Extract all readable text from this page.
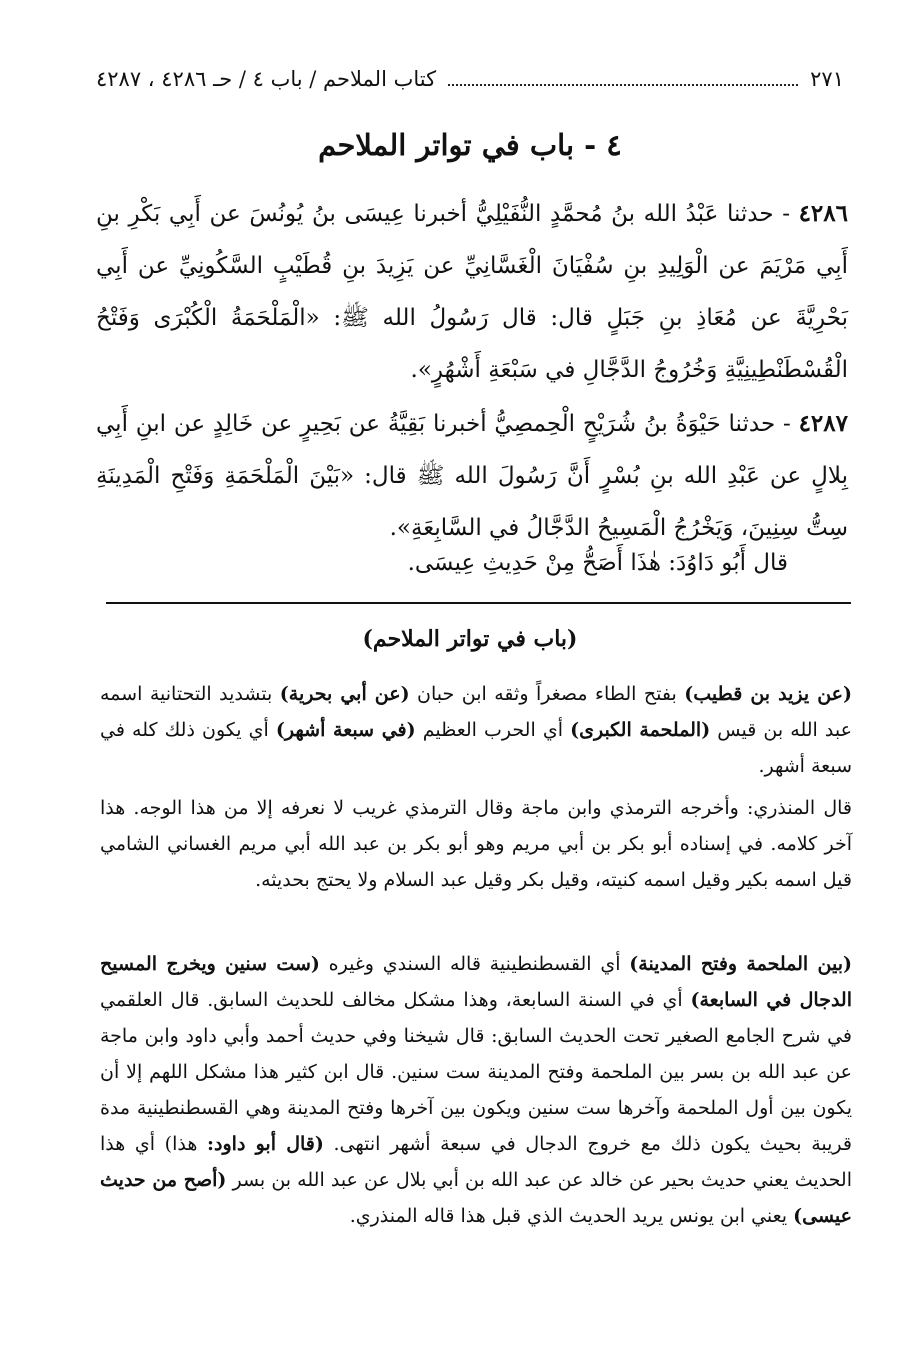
كتاب الملاحم / باب ٤ / حـ ٤٢٨٦ ، ٤٢٨٧	٢٧١
٤ - باب في تواتر الملاحم
٤٢٨٦ - حدثنا عَبْدُ الله بنُ مُحمَّدٍ النُّفَيْلِيُّ أخبرنا عِيسَى بنُ يُونُسَ عن أَبِي بَكْرِ بنِ أَبِي مَرْيَمَ عن الْوَلِيدِ بنِ سُفْيَانَ الْغَسَّانِيِّ عن يَزِيدَ بنِ قُطَيْبٍ السَّكُونِيِّ عن أَبِي بَحْرِيَّةَ عن مُعَاذِ بنِ جَبَلٍ قال: قال رَسُولُ الله ﷺ: «الْمَلْحَمَةُ الْكُبْرَى وَفَتْحُ الْقُسْطَنْطِينِيَّةِ وَخُرُوجُ الدَّجَّالِ في سَبْعَةِ أَشْهُرٍ».
٤٢٨٧ - حدثنا حَيْوَةُ بنُ شُرَيْحٍ الْحِمصِيُّ أخبرنا بَقِيَّةُ عن بَحِيرٍ عن خَالِدٍ عن ابنِ أَبِي بِلالٍ عن عَبْدِ الله بنِ بُسْرٍ أَنَّ رَسُولَ الله ﷺ قال: «بَيْنَ الْمَلْحَمَةِ وَفَتْحِ الْمَدِينَةِ سِتُّ سِنِينَ، وَيَخْرُجُ الْمَسِيحُ الدَّجَّالُ في السَّابِعَةِ».
قال أَبُو دَاوُدَ: هٰذَا أَصَحُّ مِنْ حَدِيثِ عِيسَى.
(باب في تواتر الملاحم)
(عن يزيد بن قطيب) بفتح الطاء مصغراً وثقه ابن حبان (عن أبي بحرية) بتشديد التحتانية اسمه عبد الله بن قيس (الملحمة الكبرى) أي الحرب العظيم (في سبعة أشهر) أي يكون ذلك كله في سبعة أشهر.
قال المنذري: وأخرجه الترمذي وابن ماجة وقال الترمذي غريب لا نعرفه إلا من هذا الوجه. هذا آخر كلامه. في إسناده أبو بكر بن أبي مريم وهو أبو بكر بن عبد الله أبي مريم الغساني الشامي قيل اسمه بكير وقيل اسمه كنيته، وقيل بكر وقيل عبد السلام ولا يحتج بحديثه.
(بين الملحمة وفتح المدينة) أي القسطنطينية قاله السندي وغيره (ست سنين ويخرج المسيح الدجال في السابعة) أي في السنة السابعة، وهذا مشكل مخالف للحديث السابق. قال العلقمي في شرح الجامع الصغير تحت الحديث السابق: قال شيخنا وفي حديث أحمد وأبي داود وابن ماجة عن عبد الله بن بسر بين الملحمة وفتح المدينة ست سنين. قال ابن كثير هذا مشكل اللهم إلا أن يكون بين أول الملحمة وآخرها ست سنين ويكون بين آخرها وفتح المدينة وهي القسطنطينية مدة قريبة بحيث يكون ذلك مع خروج الدجال في سبعة أشهر انتهى. (قال أبو داود: هذا) أي هذا الحديث يعني حديث بحير عن خالد عن عبد الله بن أبي بلال عن عبد الله بن بسر (أصح من حديث عيسى) يعني ابن يونس يريد الحديث الذي قبل هذا قاله المنذري.
